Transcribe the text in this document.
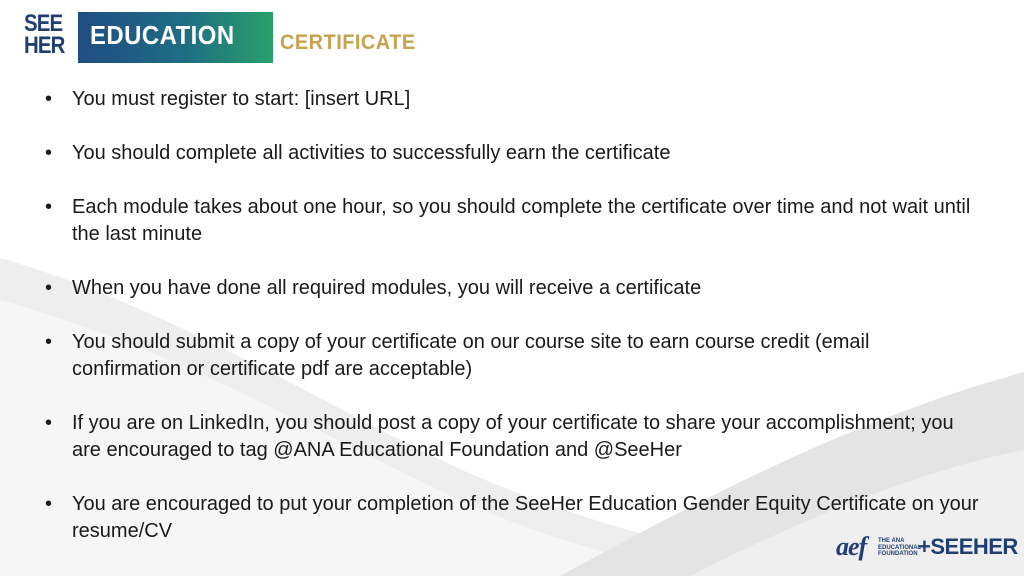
SEE
HER EDUCATION CERTIFICATE
• You must register to start: [insert URL]
• You should complete all activities to successfully earn the certificate
• Each module takes about one hour, so you should complete the certificate over time and not wait until the last minute
• When you have done all required modules, you will receive a certificate
• You should submit a copy of your certificate on our course site to earn course credit (email confirmation or certificate pdf are acceptable)
• If you are on LinkedIn, you should post a copy of your certificate to share your accomplishment; you are encouraged to tag @ANA Educational Foundation and @SeeHer
• You are encouraged to put your completion of the SeeHer Education Gender Equity Certificate on your resume/CV
aef THE ANA EDUCATIONAL FOUNDATION +SEEHER
